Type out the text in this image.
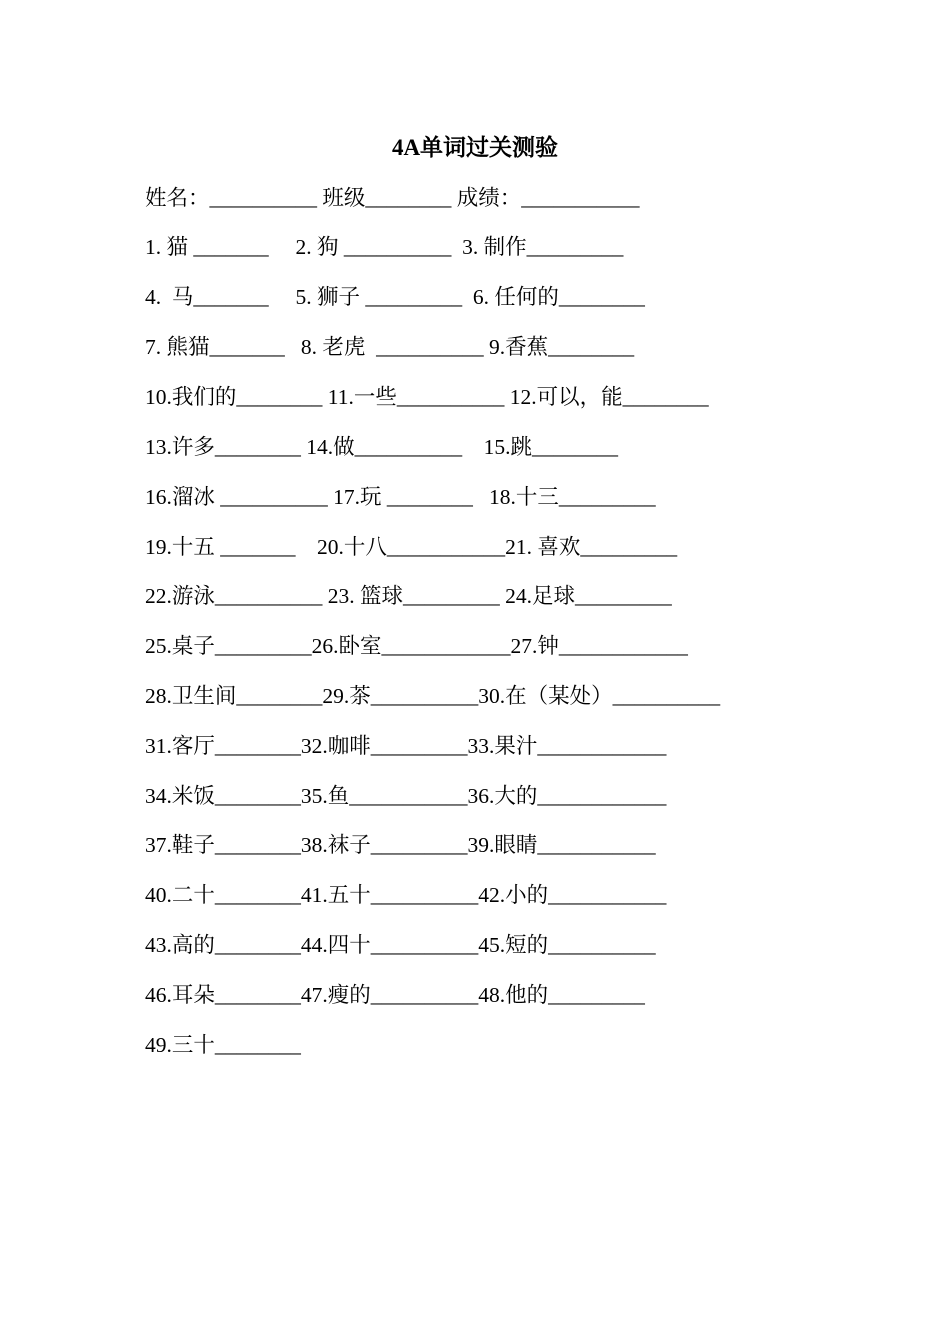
4A单词过关测验

姓名：__________ 班级________ 成绩：___________

1. 猫 _______     2. 狗 __________  3. 制作_________

4.  马_______     5. 狮子 _________  6. 任何的________

7. 熊猫_______   8. 老虎  __________ 9.香蕉________

10.我们的________ 11.一些__________ 12.可以，能________

13.许多________ 14.做__________    15.跳________

16.溜冰 __________ 17.玩 ________   18.十三_________

19.十五 _______    20.十八___________21. 喜欢_________

22.游泳__________ 23. 篮球_________ 24.足球_________

25.桌子_________26.卧室____________27.钟____________

28.卫生间________29.茶__________30.在（某处）__________

31.客厅________32.咖啡_________33.果汁____________

34.米饭________35.鱼___________36.大的____________

37.鞋子________38.袜子_________39.眼睛___________

40.二十________41.五十__________42.小的___________

43.高的________44.四十__________45.短的__________

46.耳朵________47.瘦的__________48.他的_________

49.三十________
